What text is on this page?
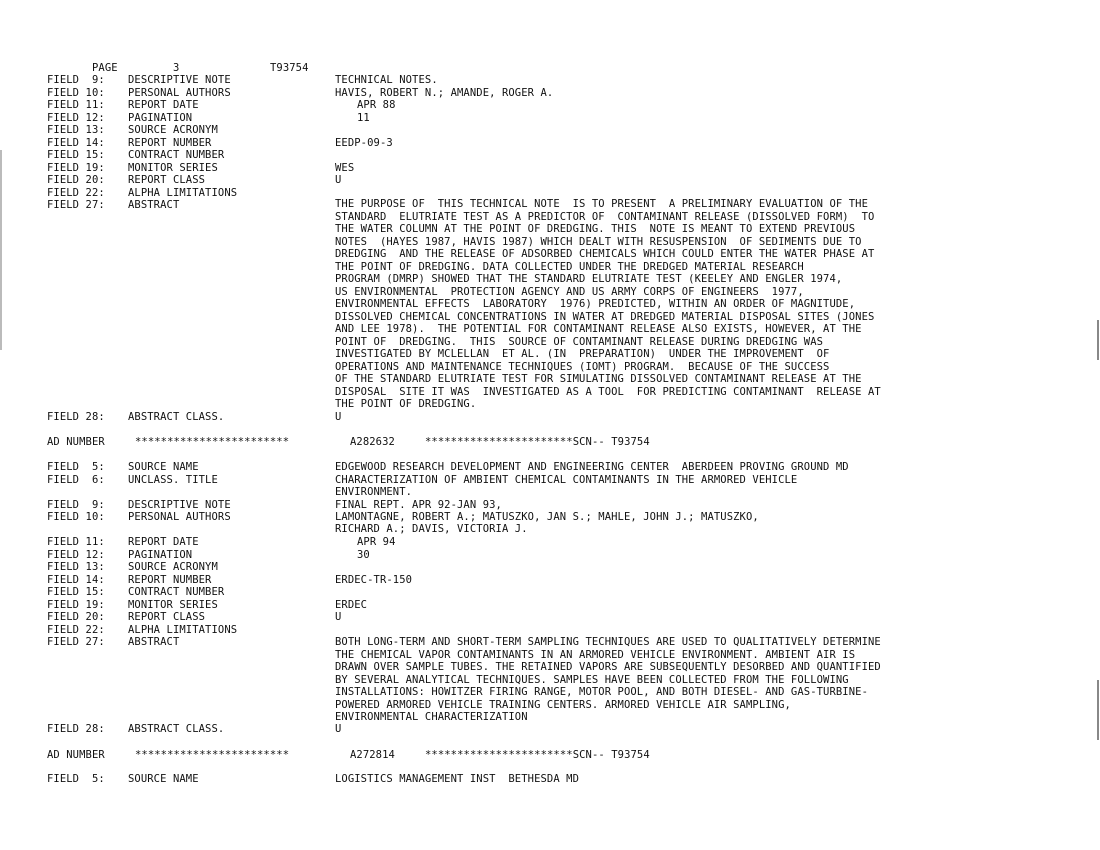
PAGE	3	T93754
FIELD  9: DESCRIPTIVE NOTE	TECHNICAL NOTES.
FIELD 10: PERSONAL AUTHORS	HAVIS, ROBERT N.; AMANDE, ROGER A.
FIELD 11: REPORT DATE	APR 88
FIELD 12: PAGINATION	11
FIELD 13: SOURCE ACRONYM
FIELD 14: REPORT NUMBER	EEDP-09-3
FIELD 15: CONTRACT NUMBER
FIELD 19: MONITOR SERIES	WES
FIELD 20: REPORT CLASS	U
FIELD 22: ALPHA LIMITATIONS
FIELD 27: ABSTRACT	THE PURPOSE OF  THIS TECHNICAL NOTE  IS TO PRESENT  A PRELIMINARY EVALUATION OF THE
STANDARD  ELUTRIATE TEST AS A PREDICTOR OF  CONTAMINANT RELEASE (DISSOLVED FORM)  TO
THE WATER COLUMN AT THE POINT OF DREDGING. THIS  NOTE IS MEANT TO EXTEND PREVIOUS
NOTES  (HAYES 1987, HAVIS 1987) WHICH DEALT WITH RESUSPENSION  OF SEDIMENTS DUE TO
DREDGING  AND THE RELEASE OF ADSORBED CHEMICALS WHICH COULD ENTER THE WATER PHASE AT
THE POINT OF DREDGING. DATA COLLECTED UNDER THE DREDGED MATERIAL RESEARCH
PROGRAM (DMRP) SHOWED THAT THE STANDARD ELUTRIATE TEST (KEELEY AND ENGLER 1974,
US ENVIRONMENTAL  PROTECTION AGENCY AND US ARMY CORPS OF ENGINEERS  1977,
ENVIRONMENTAL EFFECTS  LABORATORY  1976) PREDICTED, WITHIN AN ORDER OF MAGNITUDE,
DISSOLVED CHEMICAL CONCENTRATIONS IN WATER AT DREDGED MATERIAL DISPOSAL SITES (JONES
AND LEE 1978).  THE POTENTIAL FOR CONTAMINANT RELEASE ALSO EXISTS, HOWEVER, AT THE
POINT OF  DREDGING.  THIS  SOURCE OF CONTAMINANT RELEASE DURING DREDGING WAS
INVESTIGATED BY MCLELLAN  ET AL. (IN  PREPARATION)  UNDER THE IMPROVEMENT  OF
OPERATIONS AND MAINTENANCE TECHNIQUES (IOMT) PROGRAM.  BECAUSE OF THE SUCCESS
OF THE STANDARD ELUTRIATE TEST FOR SIMULATING DISSOLVED CONTAMINANT RELEASE AT THE
DISPOSAL  SITE IT WAS  INVESTIGATED AS A TOOL  FOR PREDICTING CONTAMINANT  RELEASE AT
THE POINT OF DREDGING.
FIELD 28: ABSTRACT CLASS.	U
AD NUMBER	************************	A282632	***********************SCN-- T93754
FIELD  5: SOURCE NAME	EDGEWOOD RESEARCH DEVELOPMENT AND ENGINEERING CENTER  ABERDEEN PROVING GROUND MD
FIELD  6: UNCLASS. TITLE	CHARACTERIZATION OF AMBIENT CHEMICAL CONTAMINANTS IN THE ARMORED VEHICLE
ENVIRONMENT.
FIELD  9: DESCRIPTIVE NOTE	FINAL REPT. APR 92-JAN 93,
FIELD 10: PERSONAL AUTHORS	LAMONTAGNE, ROBERT A.; MATUSZKO, JAN S.; MAHLE, JOHN J.; MATUSZKO,
RICHARD A.; DAVIS, VICTORIA J.
FIELD 11: REPORT DATE	APR 94
FIELD 12: PAGINATION	30
FIELD 13: SOURCE ACRONYM
FIELD 14: REPORT NUMBER	ERDEC-TR-150
FIELD 15: CONTRACT NUMBER
FIELD 19: MONITOR SERIES	ERDEC
FIELD 20: REPORT CLASS	U
FIELD 22: ALPHA LIMITATIONS
FIELD 27: ABSTRACT	BOTH LONG-TERM AND SHORT-TERM SAMPLING TECHNIQUES ARE USED TO QUALITATIVELY DETERMINE
THE CHEMICAL VAPOR CONTAMINANTS IN AN ARMORED VEHICLE ENVIRONMENT. AMBIENT AIR IS
DRAWN OVER SAMPLE TUBES. THE RETAINED VAPORS ARE SUBSEQUENTLY DESORBED AND QUANTIFIED
BY SEVERAL ANALYTICAL TECHNIQUES. SAMPLES HAVE BEEN COLLECTED FROM THE FOLLOWING
INSTALLATIONS: HOWITZER FIRING RANGE, MOTOR POOL, AND BOTH DIESEL- AND GAS-TURBINE-
POWERED ARMORED VEHICLE TRAINING CENTERS. ARMORED VEHICLE AIR SAMPLING,
ENVIRONMENTAL CHARACTERIZATION
FIELD 28: ABSTRACT CLASS.	U
AD NUMBER	************************	A272814	***********************SCN-- T93754
FIELD  5: SOURCE NAME	LOGISTICS MANAGEMENT INST  BETHESDA MD
